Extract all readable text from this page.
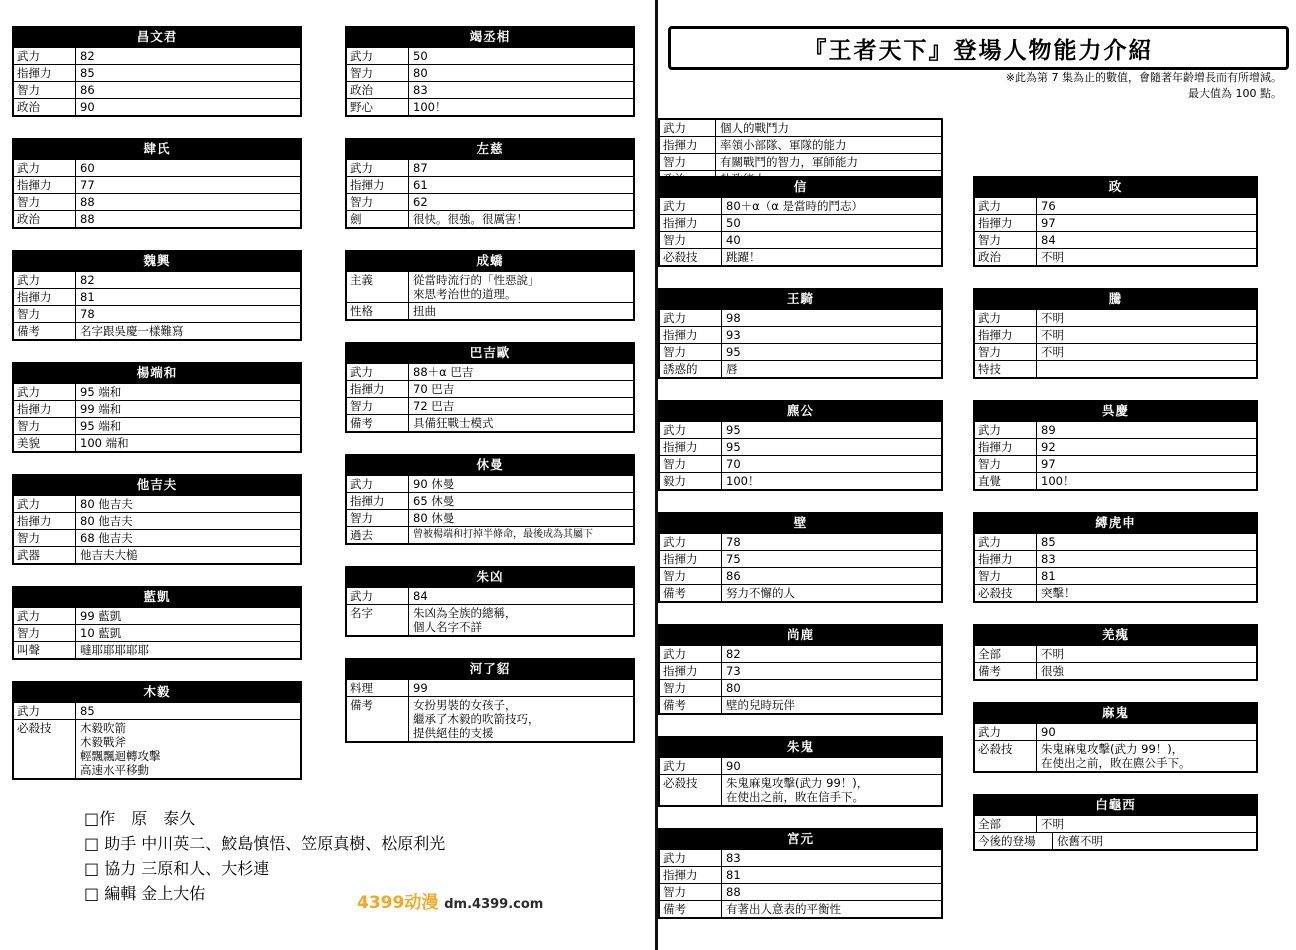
昌文君
武力	82
指揮力	85
智力	86
政治	90
肆氏
武力	60
指揮力	77
智力	88
政治	88
魏興
武力	82
指揮力	81
智力	78
備考	名字跟吳慶一樣難寫
楊端和
武力	95 端和
指揮力	99 端和
智力	95 端和
美貌	100 端和
他吉夫
武力	80 他吉夫
指揮力	80 他吉夫
智力	68 他吉夫
武器	他吉夫大槌
藍凱
武力	99 藍凱
智力	10 藍凱
叫聲	噠耶耶耶耶耶
木毅
武力	85
必殺技	木毅吹箭
木毅戰斧
輕飄飄迴轉攻擊
高速水平移動
竭丞相
武力	50
智力	80
政治	83
野心	100！
左慈
武力	87
指揮力	61
智力	62
劍	很快。很強。很厲害！
成蟜
主義	從當時流行的「性惡說」
來思考治世的道理。
性格	扭曲
巴吉歐
武力	88＋α 巴吉
指揮力	70 巴吉
智力	72 巴吉
備考	具備狂戰士模式
休曼
武力	90 休曼
指揮力	65 休曼
智力	80 休曼
過去	曾被楊端和打掉半條命，最後成為其屬下
朱凶
武力	84
名字	朱凶為全族的總稱，
個人名字不詳
河了貂
料理	99
備考	女扮男裝的女孩子，
繼承了木毅的吹箭技巧，
提供絕佳的支援
□作　原　泰久
□ 助手 中川英二、鮫島慎悟、笠原真樹、松原利光
□ 協力 三原和人、大杉連
□ 編輯 金上大佑	4399动漫 dm.4399.com
『王者天下』登場人物能力介紹
※此為第 7 集為止的數值，會隨著年齡增長而有所增減。
最大值為 100 點。
武力	個人的戰鬥力
指揮力	率領小部隊、軍隊的能力
智力	有關戰鬥的智力，軍師能力
信
武力	80＋α（α 是當時的鬥志）
指揮力	50
智力	40
必殺技	跳躍！
王騎
武力	98
指揮力	93
智力	95
誘惑的	唇
麃公
武力	95
指揮力	95
智力	70
毅力	100！
壁
武力	78
指揮力	75
智力	86
備考	努力不懈的人
尚鹿
武力	82
指揮力	73
智力	80
備考	壁的兒時玩伴
朱鬼
武力	90
必殺技	朱鬼麻鬼攻擊(武力 99！)，
在使出之前，敗在信手下。
宮元
武力	83
指揮力	81
智力	88
備考	有著出人意表的平衡性
政
武力	76
指揮力	97
智力	84
政治	不明
騰
武力	不明
指揮力	不明
智力	不明
特技
呉慶
武力	89
指揮力	92
智力	97
直覺	100！
縛虎申
武力	85
指揮力	83
智力	81
必殺技	突擊！
羌瘣
全部	不明
備考	很強
麻鬼
武力	90
必殺技	朱鬼麻鬼攻擊(武力 99！)，
在使出之前，敗在麃公手下。
白龜西
全部	不明
今後的登場	依舊不明
